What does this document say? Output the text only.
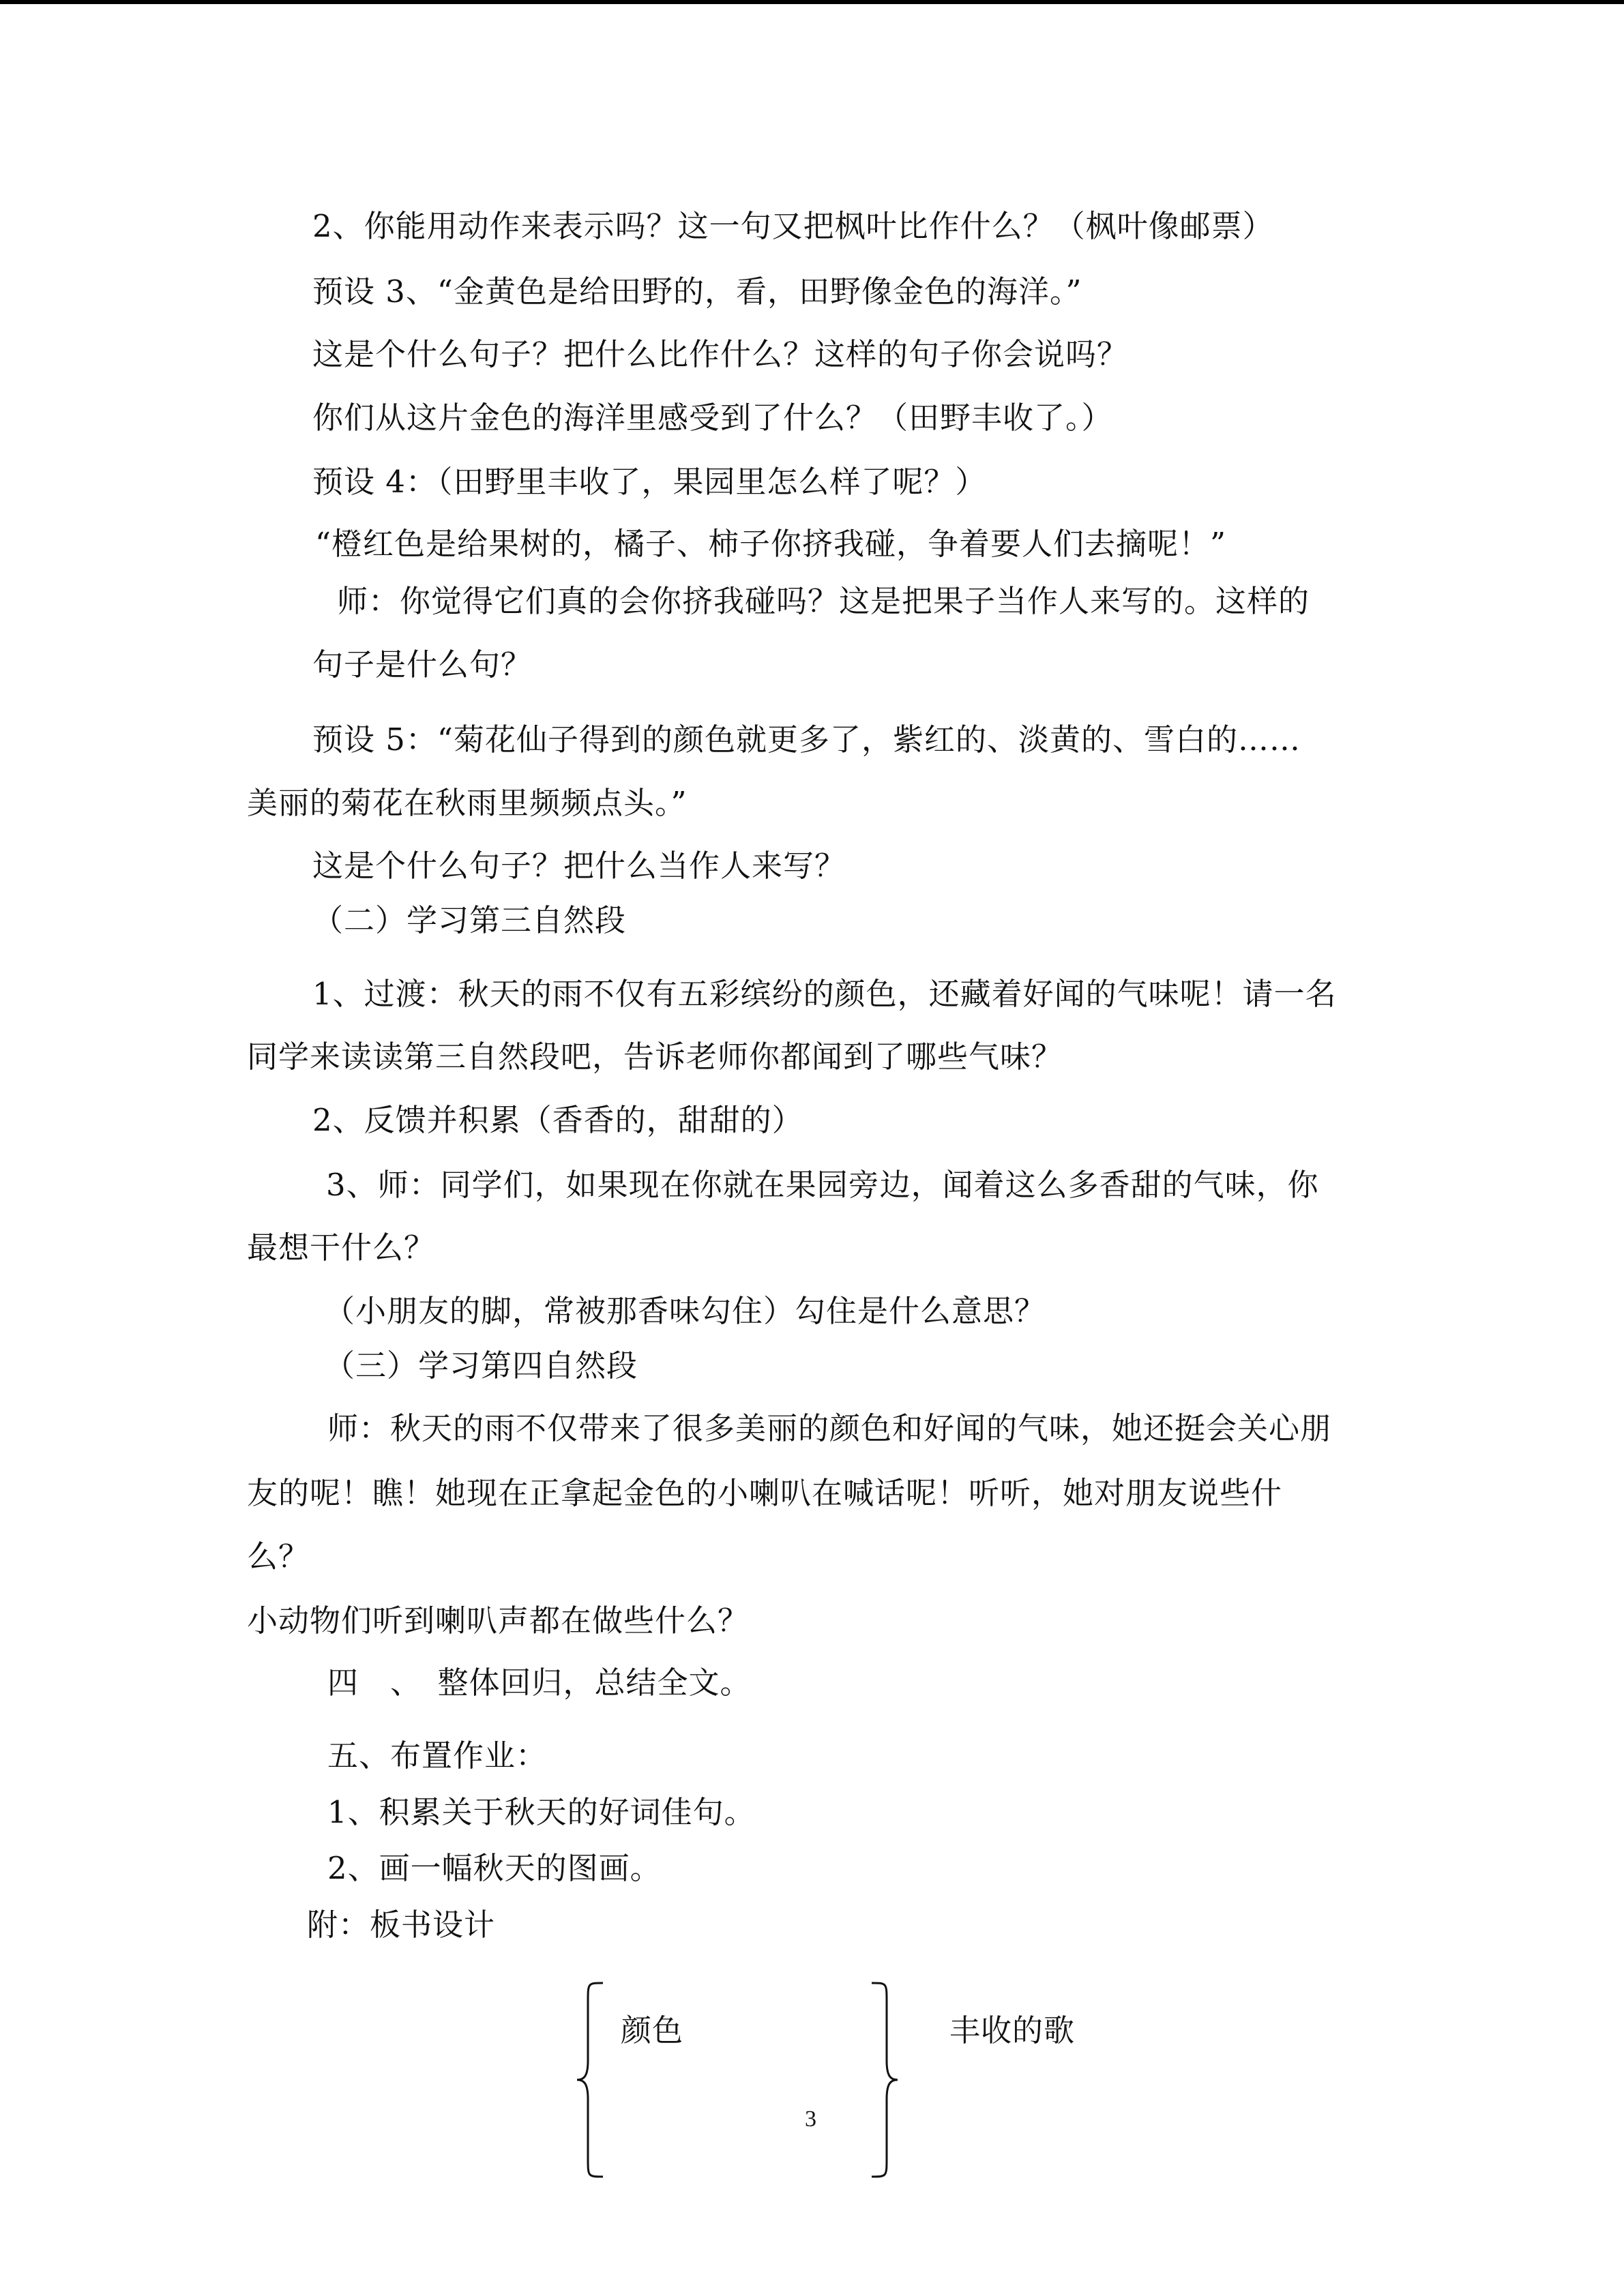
2、你能用动作来表示吗？这一句又把枫叶比作什么？（枫叶像邮票）
预设 3、“金黄色是给田野的，看，田野像金色的海洋。”
这是个什么句子？把什么比作什么？这样的句子你会说吗？
你们从这片金色的海洋里感受到了什么？（田野丰收了。）
预设 4：（田野里丰收了，果园里怎么样了呢？）
“橙红色是给果树的，橘子、柿子你挤我碰，争着要人们去摘呢！”
师：你觉得它们真的会你挤我碰吗？这是把果子当作人来写的。这样的
句子是什么句？
预设 5：“菊花仙子得到的颜色就更多了，紫红的、淡黄的、雪白的……
美丽的菊花在秋雨里频频点头。”
这是个什么句子？把什么当作人来写？
（二）学习第三自然段
1、过渡：秋天的雨不仅有五彩缤纷的颜色，还藏着好闻的气味呢！请一名
同学来读读第三自然段吧，告诉老师你都闻到了哪些气味？
2、反馈并积累（香香的，甜甜的）
3、师：同学们，如果现在你就在果园旁边，闻着这么多香甜的气味，你
最想干什么？
（小朋友的脚，常被那香味勾住）勾住是什么意思？
（三）学习第四自然段
师：秋天的雨不仅带来了很多美丽的颜色和好闻的气味，她还挺会关心朋
友的呢！瞧！她现在正拿起金色的小喇叭在喊话呢！听听，她对朋友说些什
么？
小动物们听到喇叭声都在做些什么？
四　、　整体回归，总结全文。
五、布置作业：
1、积累关于秋天的好词佳句。
2、画一幅秋天的图画。
附：板书设计
颜色	丰收的歌
3
